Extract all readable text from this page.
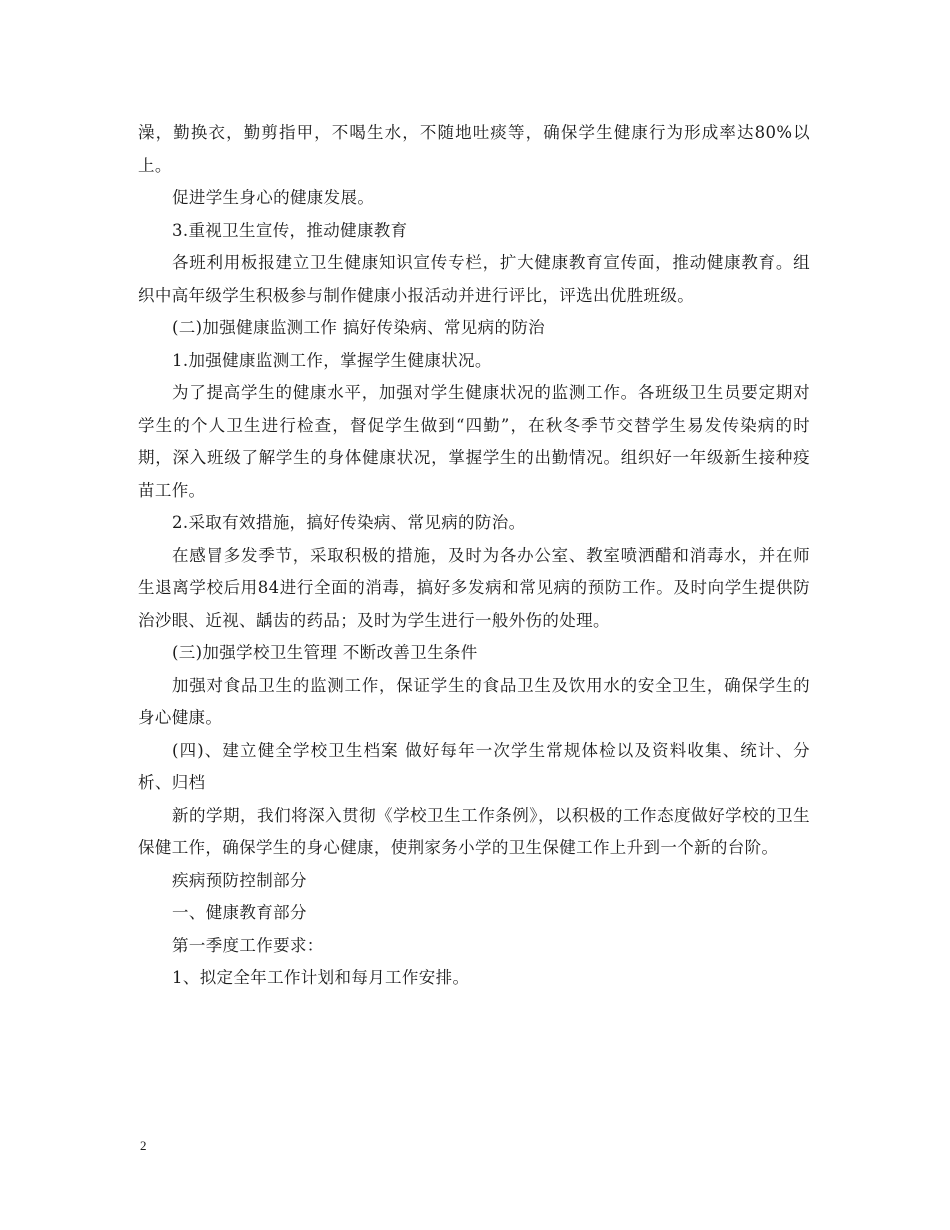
澡，勤换衣，勤剪指甲，不喝生水，不随地吐痰等，确保学生健康行为形成率达80%以上。

促进学生身心的健康发展。

3.重视卫生宣传，推动健康教育

各班利用板报建立卫生健康知识宣传专栏，扩大健康教育宣传面，推动健康教育。组织中高年级学生积极参与制作健康小报活动并进行评比，评选出优胜班级。

(二)加强健康监测工作 搞好传染病、常见病的防治

1.加强健康监测工作，掌握学生健康状况。

为了提高学生的健康水平，加强对学生健康状况的监测工作。各班级卫生员要定期对学生的个人卫生进行检查，督促学生做到“四勤”，在秋冬季节交替学生易发传染病的时期，深入班级了解学生的身体健康状况，掌握学生的出勤情况。组织好一年级新生接种疫苗工作。

2.采取有效措施，搞好传染病、常见病的防治。

在感冒多发季节，采取积极的措施，及时为各办公室、教室喷洒醋和消毒水，并在师生退离学校后用84进行全面的消毒，搞好多发病和常见病的预防工作。及时向学生提供防治沙眼、近视、龋齿的药品；及时为学生进行一般外伤的处理。

(三)加强学校卫生管理 不断改善卫生条件

加强对食品卫生的监测工作，保证学生的食品卫生及饮用水的安全卫生，确保学生的身心健康。

(四)、建立健全学校卫生档案 做好每年一次学生常规体检以及资料收集、统计、分析、归档

新的学期，我们将深入贯彻《学校卫生工作条例》，以积极的工作态度做好学校的卫生保健工作，确保学生的身心健康，使荆家务小学的卫生保健工作上升到一个新的台阶。

疾病预防控制部分

一、健康教育部分

第一季度工作要求：

1、拟定全年工作计划和每月工作安排。

2
